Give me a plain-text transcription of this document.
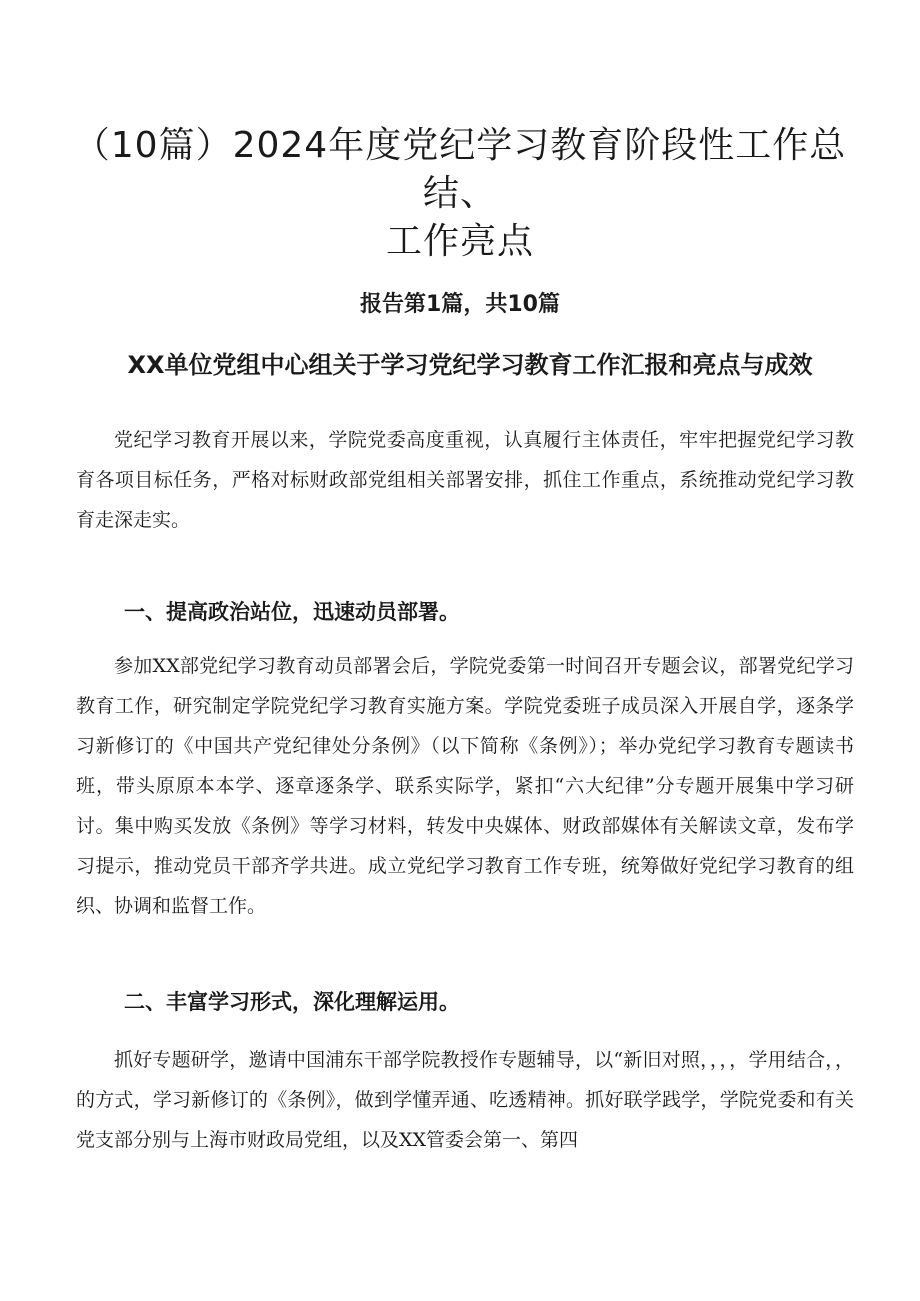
（10篇）2024年度党纪学习教育阶段性工作总结、
工作亮点
报告第1篇，共10篇
XX单位党组中心组关于学习党纪学习教育工作汇报和亮点与成效

党纪学习教育开展以来，学院党委高度重视，认真履行主体责任，牢牢把握党纪学习教育各项目标任务，严格对标财政部党组相关部署安排，抓住工作重点，系统推动党纪学习教育走深走实。

一、提高政治站位，迅速动员部署。

参加XX部党纪学习教育动员部署会后，学院党委第一时间召开专题会议，部署党纪学习教育工作，研究制定学院党纪学习教育实施方案。学院党委班子成员深入开展自学，逐条学习新修订的《中国共产党纪律处分条例》（以下简称《条例》）；举办党纪学习教育专题读书班，带头原原本本学、逐章逐条学、联系实际学，紧扣“六大纪律”分专题开展集中学习研讨。集中购买发放《条例》等学习材料，转发中央媒体、财政部媒体有关解读文章，发布学习提示，推动党员干部齐学共进。成立党纪学习教育工作专班，统筹做好党纪学习教育的组织、协调和监督工作。

二、丰富学习形式，深化理解运用。

抓好专题研学，邀请中国浦东干部学院教授作专题辅导，以“新旧对照，，，，学用结合，，的方式，学习新修订的《条例》，做到学懂弄通、吃透精神。抓好联学践学，学院党委和有关党支部分别与上海市财政局党组，以及XX管委会第一、第四
